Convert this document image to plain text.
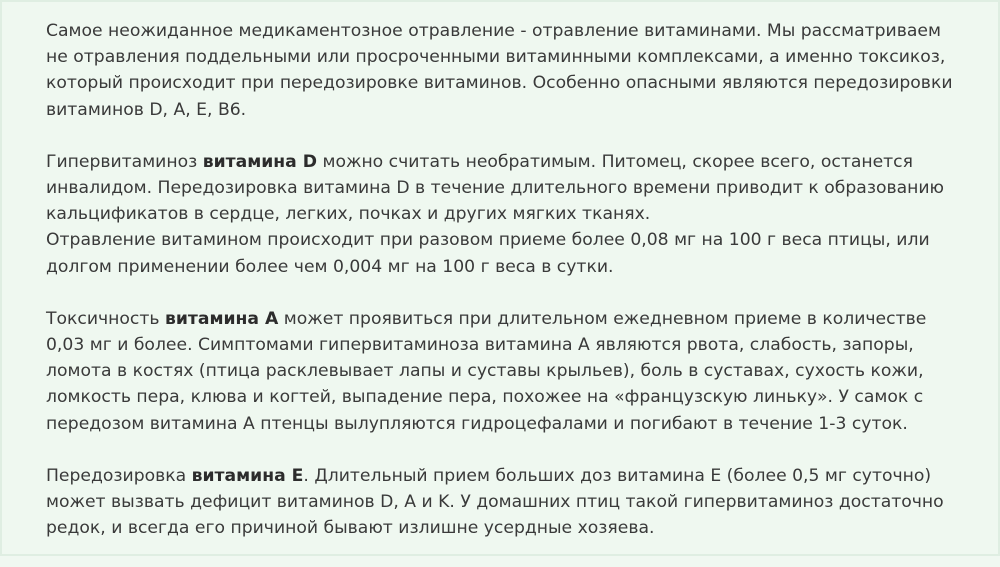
Самое неожиданное медикаментозное отравление - отравление витаминами. Мы рассматриваем
не отравления поддельными или просроченными витаминными комплексами, а именно токсикоз,
который происходит при передозировке витаминов. Особенно опасными являются передозировки
витаминов D, A, E, B6.

Гипервитаминоз витамина D можно считать необратимым. Питомец, скорее всего, останется
инвалидом. Передозировка витамина D в течение длительного времени приводит к образованию
кальцификатов в сердце, легких, почках и других мягких тканях.
Отравление витамином происходит при разовом приеме более 0,08 мг на 100 г веса птицы, или
долгом применении более чем 0,004 мг на 100 г веса в сутки.

Токсичность витамина A может проявиться при длительном ежедневном приеме в количестве
0,03 мг и более. Симптомами гипервитаминоза витамина A являются рвота, слабость, запоры,
ломота в костях (птица расклевывает лапы и суставы крыльев), боль в суставах, сухость кожи,
ломкость пера, клюва и когтей, выпадение пера, похожее на «французскую линьку». У самок с
передозом витамина A птенцы вылупляются гидроцефалами и погибают в течение 1-3 суток.

Передозировка витамина E. Длительный прием больших доз витамина E (более 0,5 мг суточно)
может вызвать дефицит витаминов D, A и K. У домашних птиц такой гипервитаминоз достаточно
редок, и всегда его причиной бывают излишне усердные хозяева.
